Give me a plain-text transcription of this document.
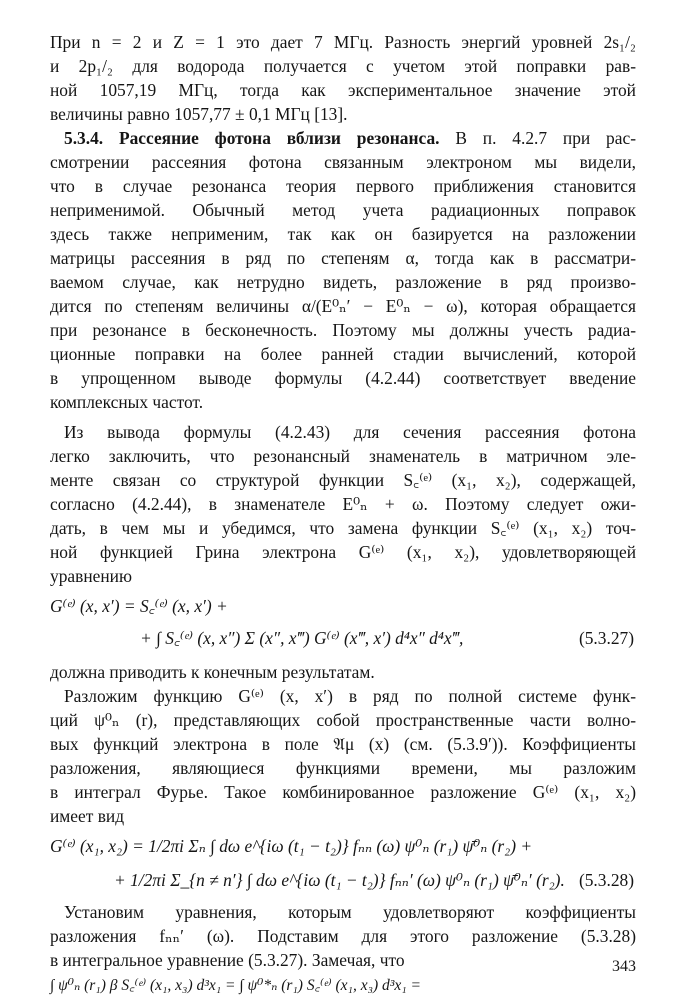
При n = 2 и Z = 1 это дает 7 МГц. Разность энергий уровней 2s₁/₂
и 2p₁/₂ для водорода получается с учетом этой поправки рав-
ной 1057,19 МГц, тогда как экспериментальное значение этой
величины равно 1057,77 ± 0,1 МГц [13].
5.3.4. Рассеяние фотона вблизи резонанса. В п. 4.2.7 при рас-
смотрении рассеяния фотона связанным электроном мы видели,
что в случае резонанса теория первого приближения становится
неприменимой. Обычный метод учета радиационных поправок
здесь также неприменим, так как он базируется на разложении
матрицы рассеяния в ряд по степеням α, тогда как в рассматри-
ваемом случае, как нетрудно видеть, разложение в ряд произво-
дится по степеням величины α/(E⁰ₙ′ − E⁰ₙ − ω), которая обращается
при резонансе в бесконечность. Поэтому мы должны учесть радиа-
ционные поправки на более ранней стадии вычислений, которой
в упрощенном выводе формулы (4.2.44) соответствует введение
комплексных частот.
Из вывода формулы (4.2.43) для сечения рассеяния фотона
легко заключить, что резонансный знаменатель в матричном эле-
менте связан со структурой функции S꜀⁽ᵉ⁾ (x₁, x₂), содержащей,
согласно (4.2.44), в знаменателе E⁰ₙ + ω. Поэтому следует ожи-
дать, в чем мы и убедимся, что замена функции S꜀⁽ᵉ⁾ (x₁, x₂) точ-
ной функцией Грина электрона G⁽ᵉ⁾ (x₁, x₂), удовлетворяющей
уравнению
G⁽ᵉ⁾ (x, x′) = S꜀⁽ᵉ⁾ (x, x′) +
+ ∫ S꜀⁽ᵉ⁾ (x, x″) Σ (x″, x‴) G⁽ᵉ⁾ (x‴, x′) d⁴x″ d⁴x‴,	(5.3.27)
должна приводить к конечным результатам.
Разложим функцию G⁽ᵉ⁾ (x, x′) в ряд по полной системе функ-
ций ψ⁰ₙ (r), представляющих собой пространственные части волно-
вых функций электрона в поле 𝔄μ (x) (см. (5.3.9′)). Коэффициенты
разложения, являющиеся функциями времени, мы разложим
в интеграл Фурье. Такое комбинированное разложение G⁽ᵉ⁾ (x₁, x₂)
имеет вид
G⁽ᵉ⁾ (x₁, x₂) = 1/2πi Σₙ ∫ dω e^{iω (t₁ − t₂)} fₙₙ (ω) ψ⁰ₙ (r₁) ψ̄⁰ₙ (r₂) +
+ 1/2πi Σ_{n ≠ n′} ∫ dω e^{iω (t₁ − t₂)} fₙₙ′ (ω) ψ⁰ₙ (r₁) ψ̄⁰ₙ′ (r₂). (5.3.28)
Установим уравнения, которым удовлетворяют коэффициенты
разложения fₙₙ′ (ω). Подставим для этого разложение (5.3.28)
в интегральное уравнение (5.3.27). Замечая, что
∫ ψ⁰ₙ (r₁) β S꜀⁽ᵉ⁾ (x₁, x₃) d³x₁ = ∫ ψ⁰*ₙ (r₁) S꜀⁽ᵉ⁾ (x₁, x₃) d³x₁ =
343
